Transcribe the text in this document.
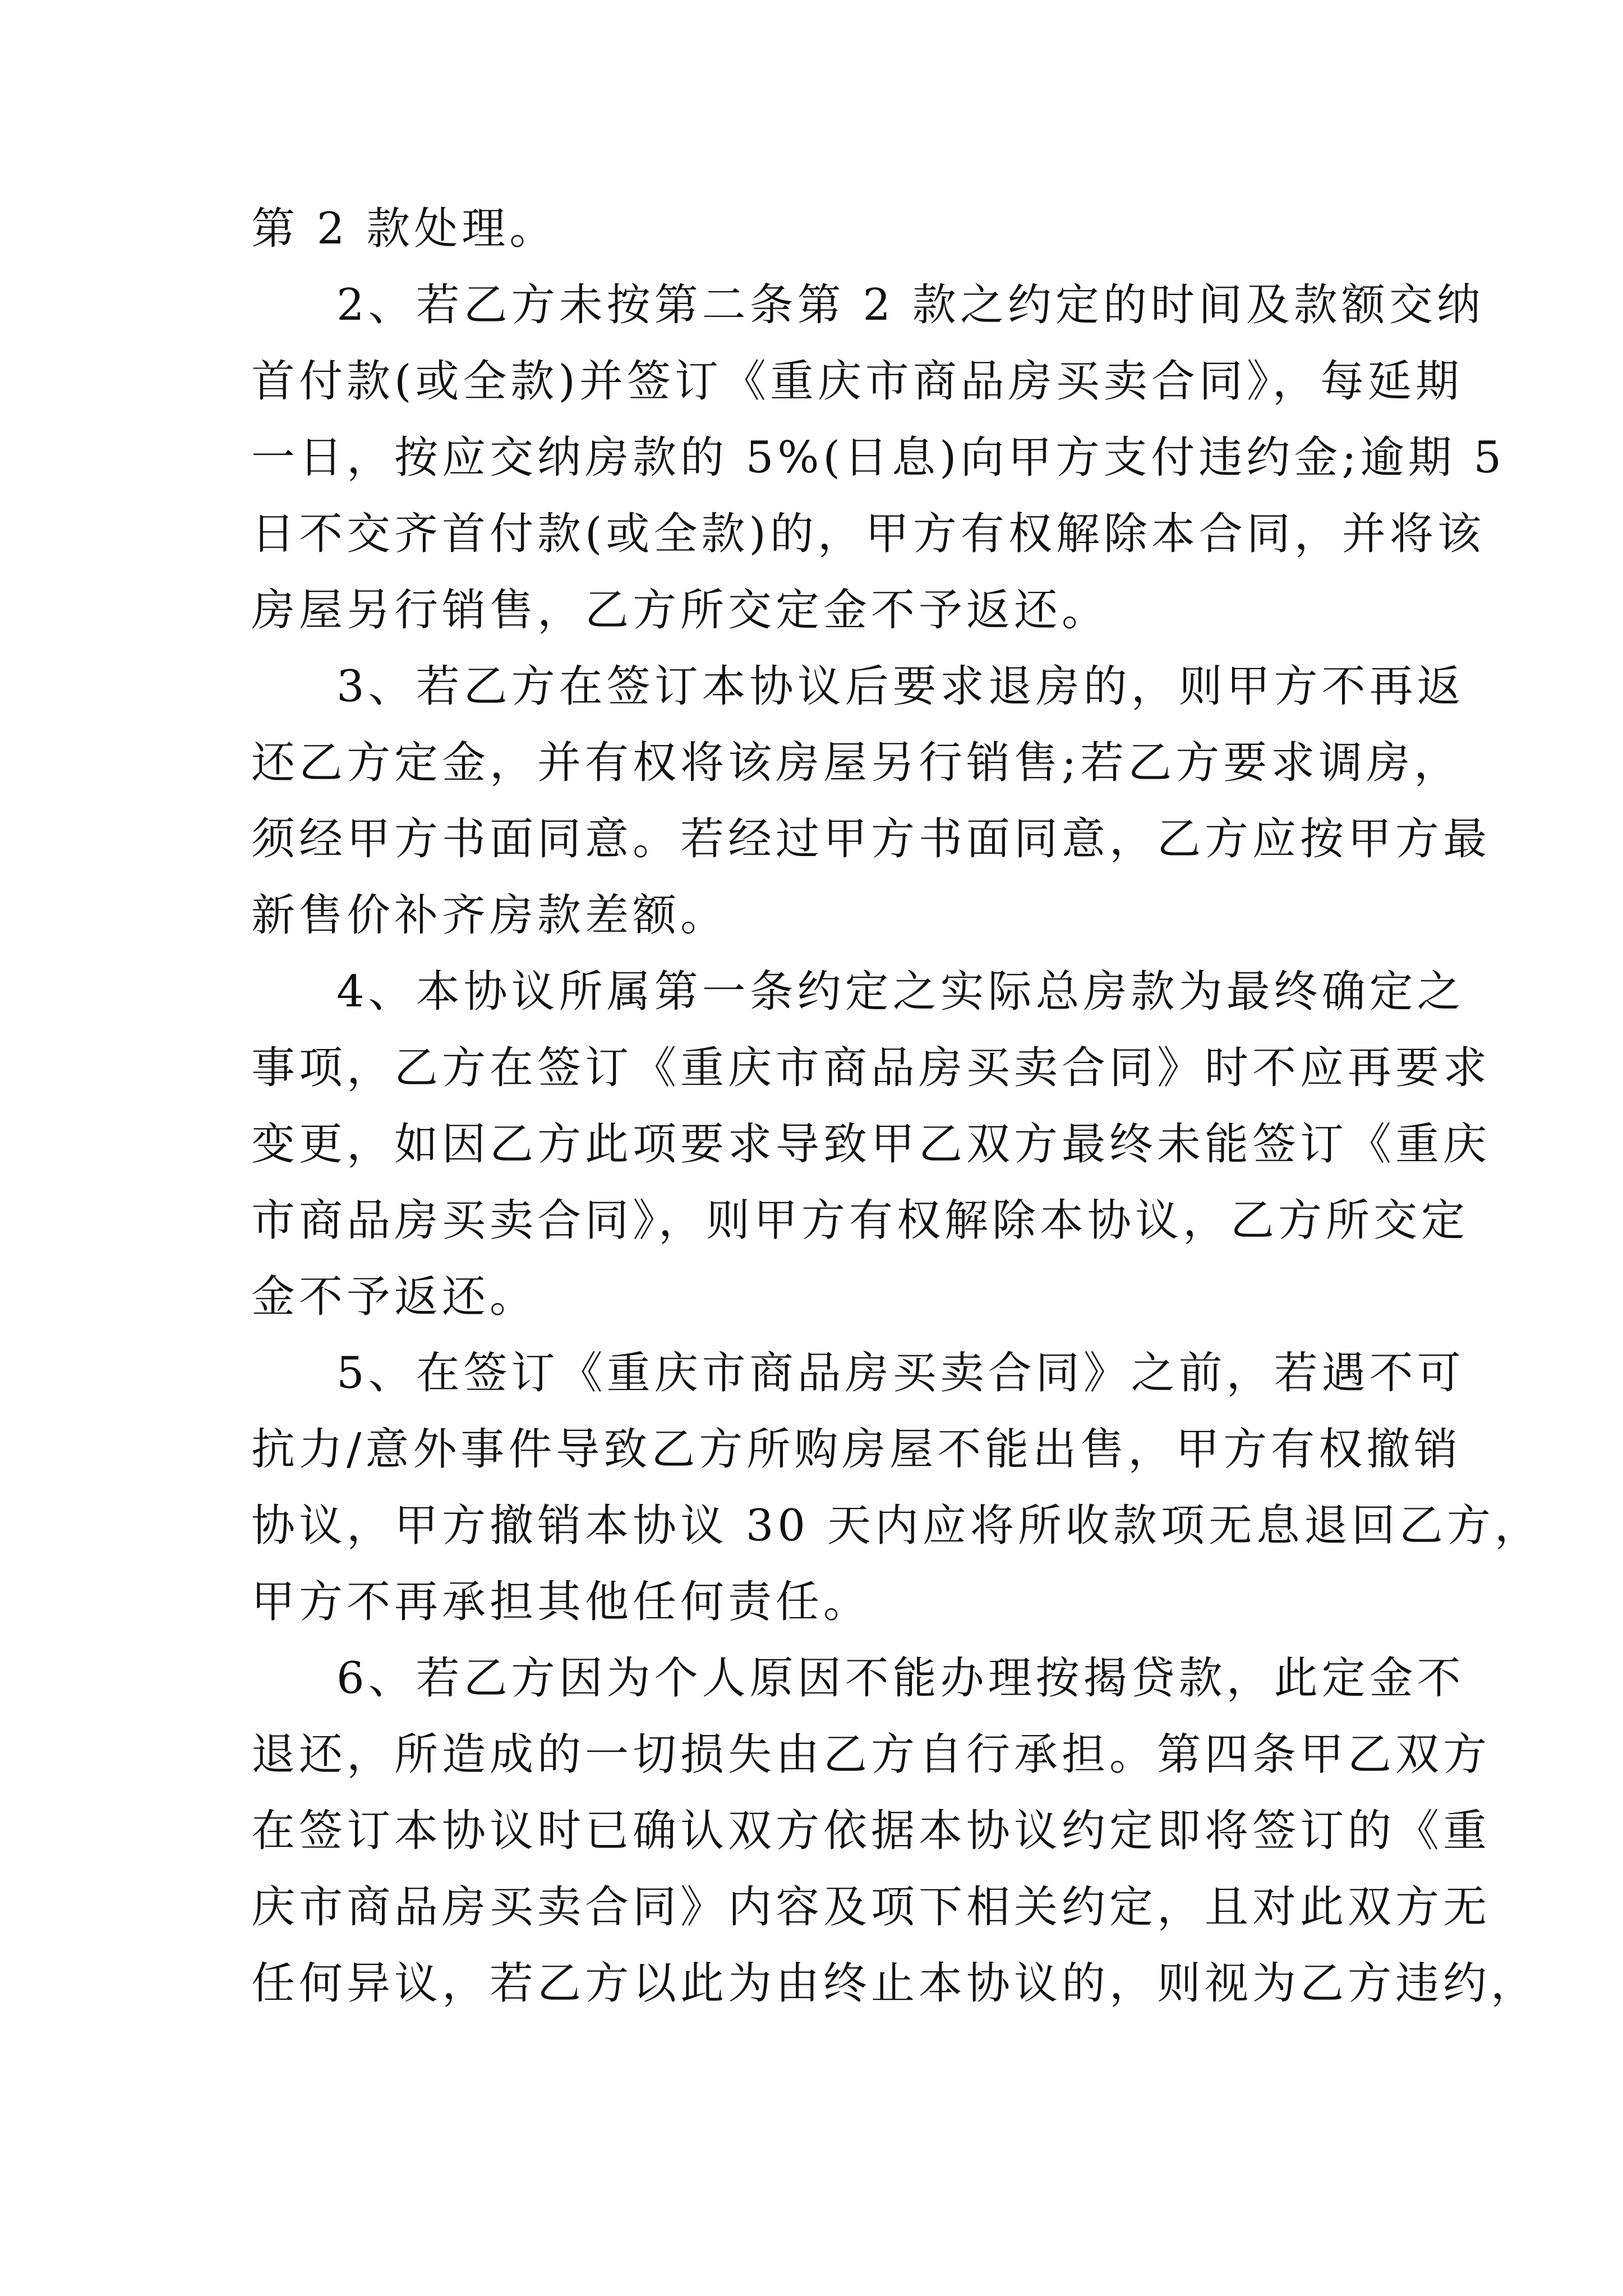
第 2 款处理。
2、若乙方未按第二条第 2 款之约定的时间及款额交纳
首付款(或全款)并签订《重庆市商品房买卖合同》，每延期
一日，按应交纳房款的 5%(日息)向甲方支付违约金;逾期 5
日不交齐首付款(或全款)的，甲方有权解除本合同，并将该
房屋另行销售，乙方所交定金不予返还。
3、若乙方在签订本协议后要求退房的，则甲方不再返
还乙方定金，并有权将该房屋另行销售;若乙方要求调房，
须经甲方书面同意。若经过甲方书面同意，乙方应按甲方最
新售价补齐房款差额。
4、本协议所属第一条约定之实际总房款为最终确定之
事项，乙方在签订《重庆市商品房买卖合同》时不应再要求
变更，如因乙方此项要求导致甲乙双方最终未能签订《重庆
市商品房买卖合同》，则甲方有权解除本协议，乙方所交定
金不予返还。
5、在签订《重庆市商品房买卖合同》之前，若遇不可
抗力/意外事件导致乙方所购房屋不能出售，甲方有权撤销
协议，甲方撤销本协议 30 天内应将所收款项无息退回乙方，
甲方不再承担其他任何责任。
6、若乙方因为个人原因不能办理按揭贷款，此定金不
退还，所造成的一切损失由乙方自行承担。第四条甲乙双方
在签订本协议时已确认双方依据本协议约定即将签订的《重
庆市商品房买卖合同》内容及项下相关约定，且对此双方无
任何异议，若乙方以此为由终止本协议的，则视为乙方违约，
